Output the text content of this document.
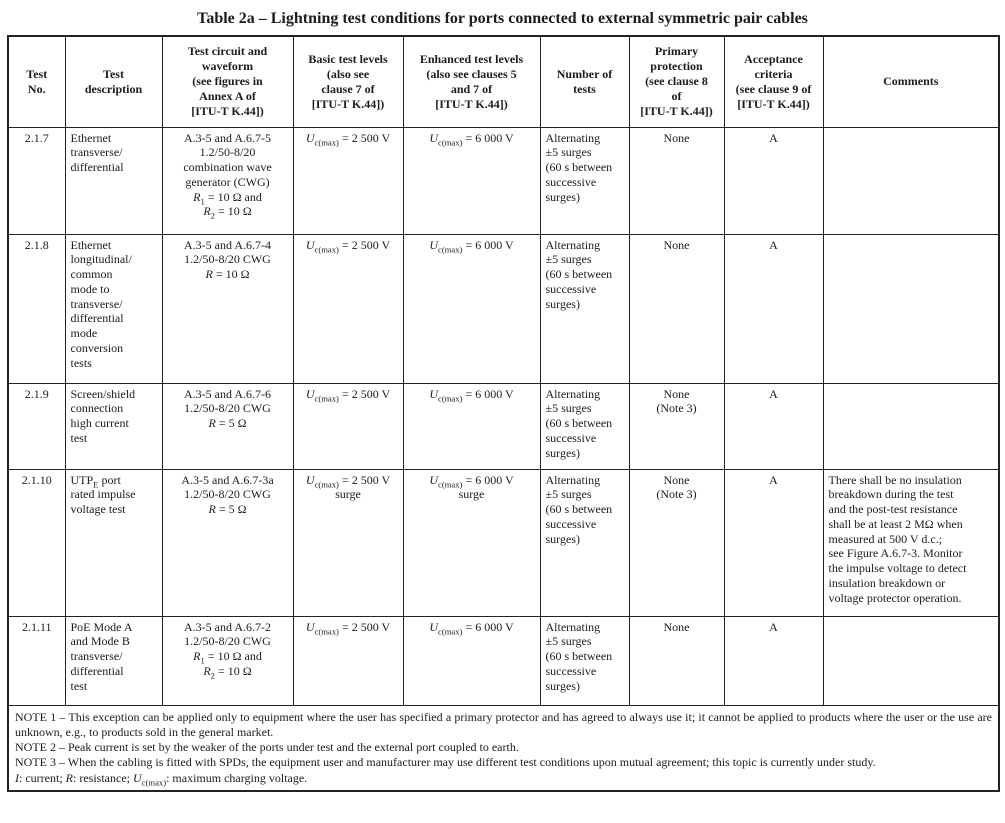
Table 2a – Lightning test conditions for ports connected to external symmetric pair cables
Test
No.	Test
description	Test circuit and
waveform
(see figures in
Annex A of
[ITU-T K.44])	Basic test levels
(also see
clause 7 of
[ITU-T K.44])	Enhanced test levels
(also see clauses 5
and 7 of
[ITU-T K.44])	Number of
tests	Primary
protection
(see clause 8
of
[ITU-T K.44])	Acceptance
criteria
(see clause 9 of
[ITU-T K.44])	Comments
2.1.7	Ethernet
transverse/
differential	A.3-5 and A.6.7-5
1.2/50-8/20
combination wave
generator (CWG)
$R_1 = 10$ Ω and
$R_2 = 10$ Ω	$U_{c(max)} = 2$ 500 V	$U_{c(max)} = 6$ 000 V	Alternating
±5 surges
(60 s between
successive
surges)	None	A	
2.1.8	Ethernet
longitudinal/
common
mode to
transverse/
differential
mode
conversion
tests	A.3-5 and A.6.7-4
1.2/50-8/20 CWG
R = 10 Ω	$U_{c(max)} = 2$ 500 V	$U_{c(max)} = 6$ 000 V	Alternating
±5 surges
(60 s between
successive
surges)	None	A	
2.1.9	Screen/shield
connection
high current
test	A.3-5 and A.6.7-6
1.2/50-8/20 CWG
R = 5 Ω	$U_{c(max)} = 2$ 500 V	$U_{c(max)} = 6$ 000 V	Alternating
±5 surges
(60 s between
successive
surges)	None
(Note 3)	A	
2.1.10	$UTP_E$ port
rated impulse
voltage test	A.3-5 and A.6.7-3a
1.2/50-8/20 CWG
R = 5 Ω	$U_{c(max)} = 2$ 500 V
surge	$U_{c(max)} = 6$ 000 V
surge	Alternating
±5 surges
(60 s between
successive
surges)	None
(Note 3)	A	There shall be no insulation
breakdown during the test
and the post-test resistance
shall be at least 2 MΩ when
measured at 500 V d.c.;
see Figure A.6.7-3. Monitor
the impulse voltage to detect
insulation breakdown or
voltage protector operation.
2.1.11	PoE Mode A
and Mode B
transverse/
differential
test	A.3-5 and A.6.7-2
1.2/50-8/20 CWG
$R_1 = 10$ Ω and
$R_2 = 10$ Ω	$U_{c(max)} = 2$ 500 V	$U_{c(max)} = 6$ 000 V	Alternating
±5 surges
(60 s between
successive
surges)	None	A	

NOTE 1 – This exception can be applied only to equipment where the user has specified a primary protector and has agreed to always use it; it cannot be applied to products where the user or the use are unknown, e.g., to products sold in the general market.
NOTE 2 – Peak current is set by the weaker of the ports under test and the external port coupled to earth.
NOTE 3 – When the cabling is fitted with SPDs, the equipment user and manufacturer may use different test conditions upon mutual agreement; this topic is currently under study.
I: current; R: resistance; $U_{c(max)}$: maximum charging voltage.								
